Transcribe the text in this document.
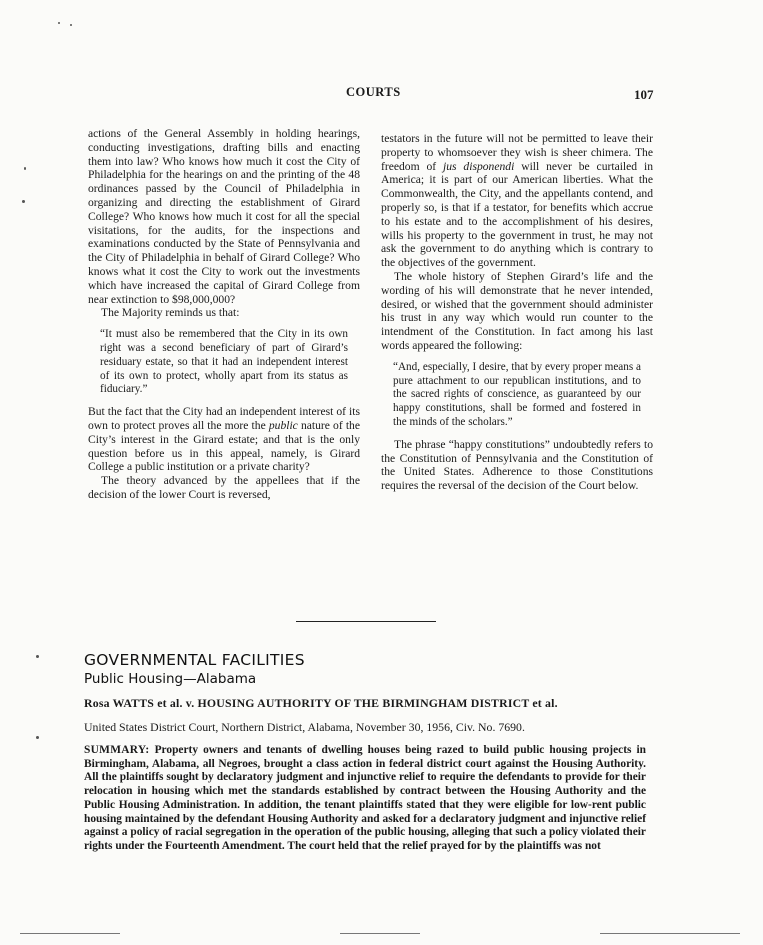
COURTS	107

actions of the General Assembly in holding hearings, conducting investigations, drafting bills and enacting them into law? Who knows how much it cost the City of Philadelphia for the hearings on and the printing of the 48 ordinances passed by the Council of Philadelphia in organizing and directing the establishment of Girard College? Who knows how much it cost for all the special visitations, for the audits, for the inspections and examinations conducted by the State of Pennsylvania and the City of Philadelphia in behalf of Girard College? Who knows what it cost the City to work out the investments which have increased the capital of Girard College from near extinction to $98,000,000?

The Majority reminds us that:

“It must also be remembered that the City in its own right was a second beneficiary of part of Girard’s residuary estate, so that it had an independent interest of its own to protect, wholly apart from its status as fiduciary.”

But the fact that the City had an independent interest of its own to protect proves all the more the public nature of the City’s interest in the Girard estate; and that is the only question before us in this appeal, namely, is Girard College a public institution or a private charity?

The theory advanced by the appellees that if the decision of the lower Court is reversed,

testators in the future will not be permitted to leave their property to whomsoever they wish is sheer chimera. The freedom of jus disponendi will never be curtailed in America; it is part of our American liberties. What the Commonwealth, the City, and the appellants contend, and properly so, is that if a testator, for benefits which accrue to his estate and to the accomplishment of his desires, wills his property to the government in trust, he may not ask the government to do anything which is contrary to the objectives of the government.

The whole history of Stephen Girard’s life and the wording of his will demonstrate that he never intended, desired, or wished that the government should administer his trust in any way which would run counter to the intendment of the Constitution. In fact among his last words appeared the following:

“And, especially, I desire, that by every proper means a pure attachment to our republican institutions, and to the sacred rights of conscience, as guaranteed by our happy constitutions, shall be formed and fostered in the minds of the scholars.”

The phrase “happy constitutions” undoubtedly refers to the Constitution of Pennsylvania and the Constitution of the United States. Adherence to those Constitutions requires the reversal of the decision of the Court below.

GOVERNMENTAL FACILITIES
Public Housing—Alabama
Rosa WATTS et al. v. HOUSING AUTHORITY OF THE BIRMINGHAM DISTRICT et al.
United States District Court, Northern District, Alabama, November 30, 1956, Civ. No. 7690.
SUMMARY: Property owners and tenants of dwelling houses being razed to build public housing projects in Birmingham, Alabama, all Negroes, brought a class action in federal district court against the Housing Authority. All the plaintiffs sought by declaratory judgment and injunctive relief to require the defendants to provide for their relocation in housing which met the standards established by contract between the Housing Authority and the Public Housing Administration. In addition, the tenant plaintiffs stated that they were eligible for low-rent public housing maintained by the defendant Housing Authority and asked for a declaratory judgment and injunctive relief against a policy of racial segregation in the operation of the public housing, alleging that such a policy violated their rights under the Fourteenth Amendment. The court held that the relief prayed for by the plaintiffs was not
